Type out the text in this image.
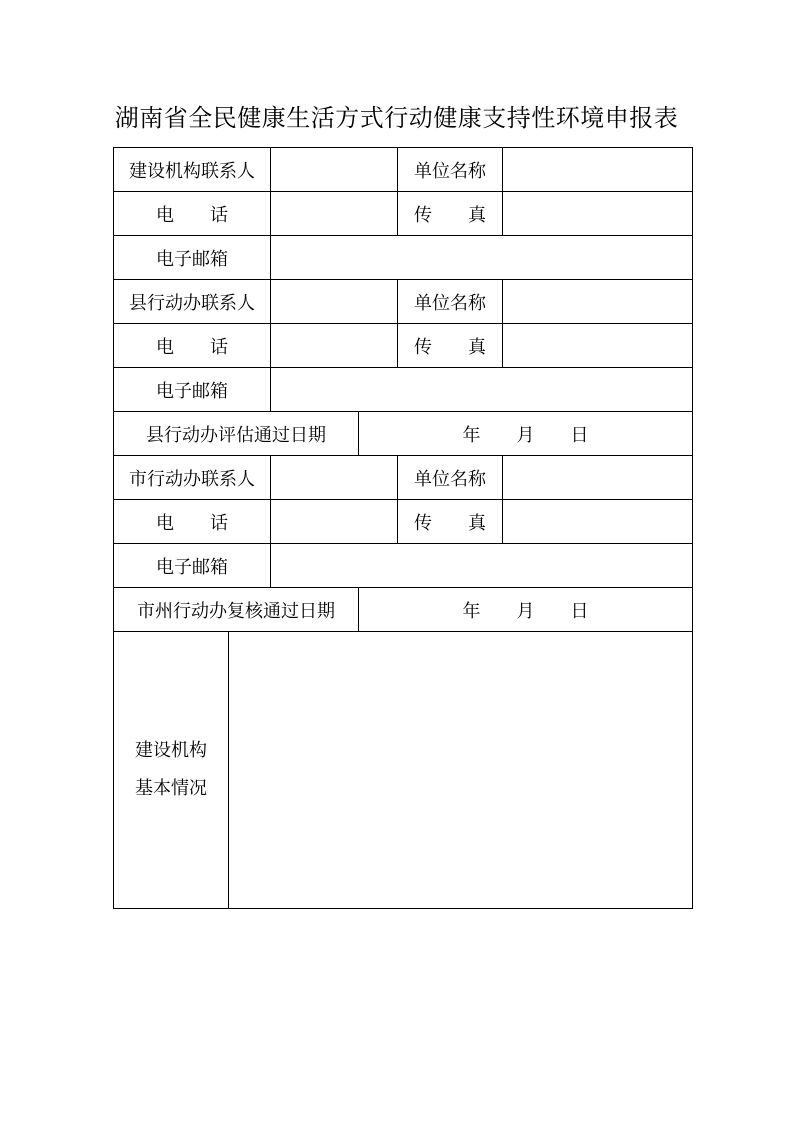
湖南省全民健康生活方式行动健康支持性环境申报表
建设机构联系人	单位名称
电　　话	传　　真
电子邮箱
县行动办联系人	单位名称
电　　话	传　　真
电子邮箱
县行动办评估通过日期	年　　月　　日
市行动办联系人	单位名称
电　　话	传　　真
电子邮箱
市州行动办复核通过日期	年　　月　　日
建设机构
基本情况
